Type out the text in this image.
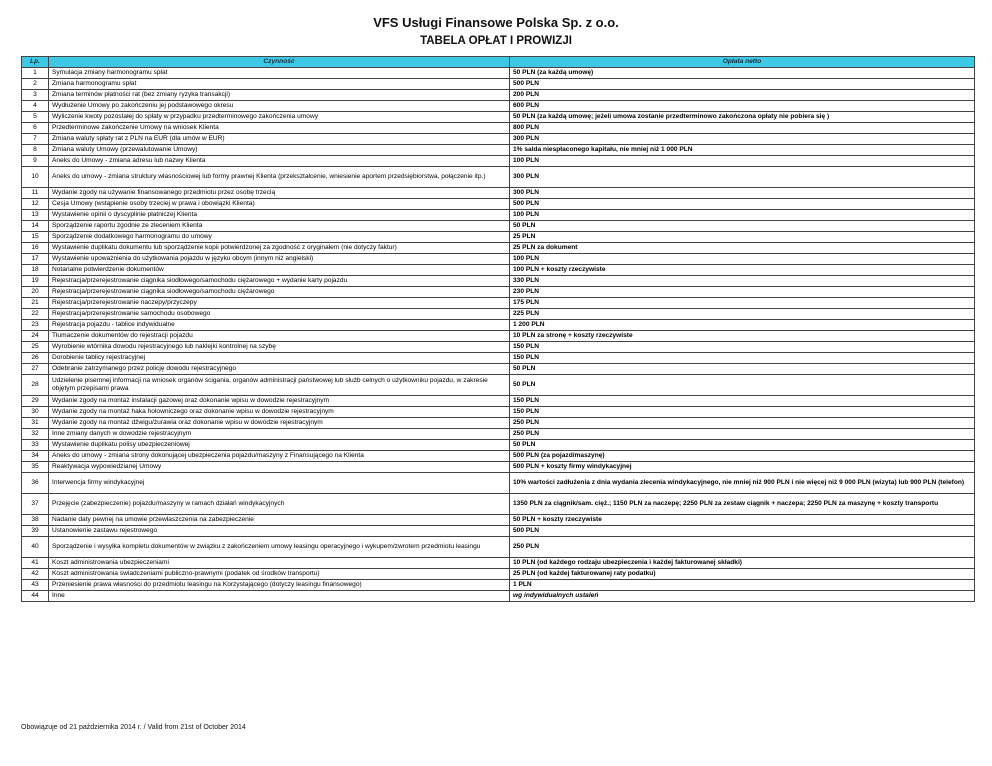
VFS Usługi Finansowe Polska Sp. z o.o.
TABELA OPŁAT I PROWIZJI
Lp.	Czynność	Opłata netto
1	Symulacja zmiany harmonogramu spłat	50 PLN (za każdą umowę)
2	Zmiana harmonogramu spłat	500 PLN
3	Zmiana terminów płatności rat (bez zmiany ryzyka transakcji)	200 PLN
4	Wydłużenie Umowy po zakończeniu jej podstawowego okresu	600 PLN
5	Wyliczenie kwoty pozostałej do spłaty w przypadku przedterminowego zakończenia umowy	50 PLN (za każdą umowę; jeżeli umowa zostanie przedterminowo zakończona opłaty nie pobiera się )
6	Przedterminowe zakończenie Umowy na wniosek Klienta	800 PLN
7	Zmiana waluty spłaty rat z PLN na EUR (dla umów w EUR)	300 PLN
8	Zmiana waluty Umowy (przewalutowanie Umowy)	1% salda niespłaconego kapitału, nie mniej niż 1 000 PLN
9	Aneks do Umowy - zmiana adresu lub nazwy Klienta	100 PLN
10	Aneks do umowy - zmiana struktury własnościowej lub formy prawnej Klienta (przekształcenie, wniesienie aportem przedsiębiorstwa, połączenie itp.)	300 PLN
11	Wydanie zgody na używanie finansowanego przedmiotu przez osobę trzecią	300 PLN
12	Cesja Umowy (wstąpienie osoby trzeciej w prawa i obowiązki Klienta)	500 PLN
13	Wystawienie opinii o dyscyplinie płatniczej Klienta	100 PLN
14	Sporządzenie raportu zgodnie ze zleceniem Klienta	50 PLN
15	Sporządzenie dodatkowego harmonogramu do umowy	25 PLN
16	Wystawienie duplikatu dokumentu lub sporządzenie kopii potwierdzonej za zgodność z oryginałem (nie dotyczy faktur)	25 PLN za dokument
17	Wystawienie upoważnienia do użytkowania pojazdu w języku obcym (innym niż angielski)	100 PLN
18	Notarialne potwierdzenie dokumentów	100 PLN + koszty rzeczywiste
19	Rejestracja/przerejestrowanie ciągnika siodłowego/samochodu ciężarowego + wydanie karty pojazdu	330 PLN
20	Rejestracja/przerejestrowanie ciągnika siodłowego/samochodu ciężarowego	230 PLN
21	Rejestracja/przerejestrowanie naczepy/przyczepy	175 PLN
22	Rejestracja/przerejestrowanie samochodu osobowego	225 PLN
23	Rejestracja pojazdu - tablice indywidualne	1 200 PLN
24	Tłumaczenie dokumentów do rejestracji pojazdu	10 PLN za stronę + koszty rzeczywiste
25	Wyrobienie wtórnika dowodu rejestracyjnego lub naklejki kontrolnej na szybę	150 PLN
26	Dorobienie tablicy rejestracyjnej	150 PLN
27	Odebranie zatrzymanego przez policję dowodu rejestracyjnego	50 PLN
28	Udzielenie pisemnej informacji na wniosek organów ścigania, organów administracji państwowej lub służb celnych o użytkowniku pojazdu, w zakresie objętym przepisami prawa	50 PLN
29	Wydanie zgody na montaż instalacji gazowej oraz dokonanie wpisu w dowodzie rejestracyjnym	150 PLN
30	Wydanie zgody na montaż haka holowniczego oraz dokonanie wpisu w dowodzie rejestracyjnym	150 PLN
31	Wydanie zgody na montaż dźwigu/żurawia oraz dokonanie wpisu w dowodzie rejestracyjnym	250 PLN
32	Inne zmiany danych w dowodzie rejestracyjnym	250 PLN
33	Wystawienie duplikatu polisy ubezpieczeniowej	50 PLN
34	Aneks do umowy - zmiana strony dokonującej ubezpieczenia pojazdu/maszyny z Finansującego na Klienta	500 PLN (za pojazd/maszynę)
35	Reaktywacja wypowiedzianej Umowy	500 PLN + koszty firmy windykacyjnej
36	Interwencja firmy windykacyjnej	10% wartości zadłużenia z dnia wydania zlecenia windykacyjnego, nie mniej niż 900 PLN i nie więcej niż 9 000 PLN (wizyta) lub 900 PLN (telefon)
37	Przejęcie (zabezpieczenie) pojazdu/maszyny w ramach działań windykacyjnych	1350 PLN za ciągnik/sam. cięż.; 1150 PLN za naczepę; 2250 PLN za zestaw ciągnik + naczepa; 2250 PLN za maszynę + koszty transportu
38	Nadanie daty pewnej na umowie przewłaszczenia na zabezpieczenie	50 PLN + koszty rzeczywiste
39	Ustanowienie zastawu rejestrowego	500 PLN
40	Sporządzenie i wysyłka kompletu dokumentów w związku z zakończeniem umowy leasingu operacyjnego i wykupem/zwrotem przedmiotu leasingu	250 PLN
41	Koszt administrowania ubezpieczeniami	10 PLN (od każdego rodzaju ubezpieczenia i każdej fakturowanej składki)
42	Koszt administrowania świadczeniami publiczno-prawnymi (podatek od środków transportu)	25 PLN (od każdej fakturowanej raty podatku)
43	Przeniesienie prawa własności do przedmiotu leasingu na Korzystającego (dotyczy leasingu finansowego)	1 PLN
44	Inne	wg indywidualnych ustaleń
Obowiązuje od 21 października 2014 r. / Valid from 21st of October 2014
